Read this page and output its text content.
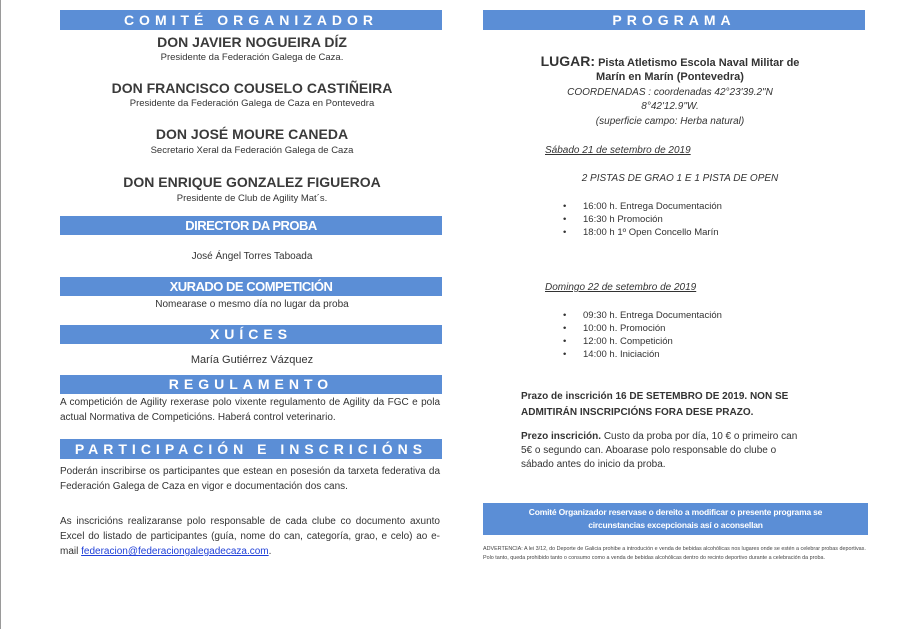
COMITÉ ORGANIZADOR
DON JAVIER NOGUEIRA DÍZ
Presidente da Federación Galega de Caza.
DON FRANCISCO COUSELO CASTIÑEIRA
Presidente da Federación Galega de Caza en Pontevedra
DON JOSÉ MOURE CANEDA
Secretario Xeral da Federación Galega de Caza
DON ENRIQUE GONZALEZ FIGUEROA
Presidente de Club de Agility Mat´s.
DIRECTOR DA PROBA
José Ángel Torres Taboada
XURADO DE COMPETICIÓN
Nomearase o mesmo día no lugar da proba
XUÍCES
María Gutiérrez Vázquez
REGULAMENTO
A competición de Agility rexerase polo vixente regulamento de Agility da FGC e pola actual Normativa de Competicións. Haberá control veterinario.
PARTICIPACIÓN E INSCRICIÓNS
Poderán inscribirse os participantes que estean en posesión da tarxeta federativa da Federación Galega de Caza en vigor e documentación dos cans.
As inscricións realizaranse polo responsable de cada clube co documento axunto Excel do listado de participantes (guía, nome do can, categoría, grao, e celo) ao e-mail federacion@federaciongalegadecaza.com.
PROGRAMA
LUGAR: Pista Atletismo Escola Naval Militar de
Marín en Marín (Pontevedra)
COORDENADAS : coordenadas 42°23'39.2"N
8°42'12.9"W.
(superficie campo: Herba natural)
Sábado 21 de setembro de 2019
2 PISTAS DE GRAO 1 E 1 PISTA DE OPEN
• 16:00 h. Entrega Documentación
• 16:30 h Promoción
• 18:00 h 1º Open Concello Marín
Domingo 22 de setembro de 2019
• 09:30 h. Entrega Documentación
• 10:00 h. Promoción
• 12:00 h. Competición
• 14:00 h. Iniciación
Prazo de inscrición 16 DE SETEMBRO DE 2019. NON SE
ADMITIRÁN INSCRIPCIÓNS FORA DESE PRAZO.
Prezo inscrición. Custo da proba por día, 10 € o primeiro can
5€ o segundo can. Aboarase polo responsable do clube o
sábado antes do inicio da proba.
Comité Organizador reservase o dereito a modificar o presente programa se
circunstancias excepcionais así o aconsellan
ADVERTENCIA: A lei 3/12, do Deporte de Galicia prohibe a introdución e venda de bebidas alcohólicas nos lugares onde se estén a celebrar probas deportivas. Polo tanto, queda prohibido tanto o consumo como a venda de bebidas alcohólicas dentro do recinto deportivo durante a celebración da proba.
